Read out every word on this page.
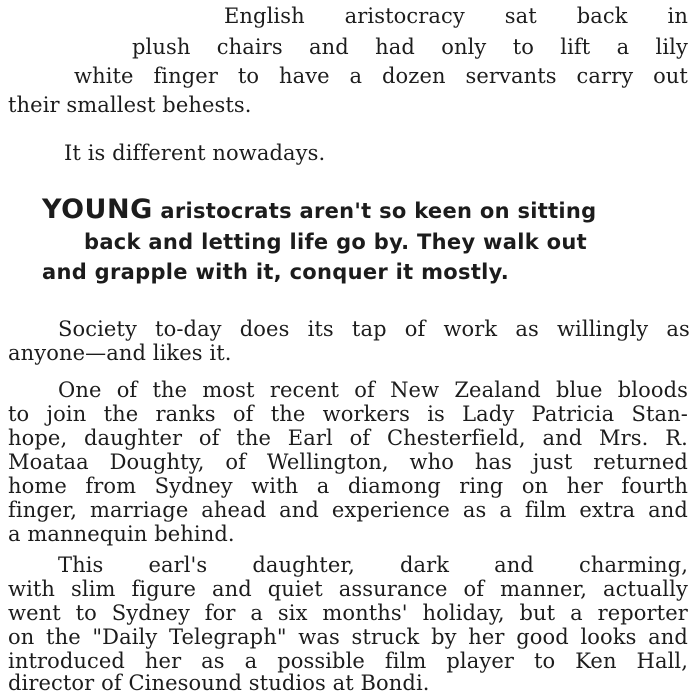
English aristocracy sat back in
plush chairs and had only to lift a lily
white finger to have a dozen servants carry out
their smallest behests.
It is different nowadays.
YOUNG aristocrats aren't so keen on sitting
back and letting life go by. They walk out
and grapple with it, conquer it mostly.
Society to-day does its tap of work as willingly as
anyone—and likes it.
One of the most recent of New Zealand blue bloods
to join the ranks of the workers is Lady Patricia Stan-
hope, daughter of the Earl of Chesterfield, and Mrs. R.
Moataa Doughty, of Wellington, who has just returned
home from Sydney with a diamong ring on her fourth
finger, marriage ahead and experience as a film extra and
a mannequin behind.
This earl's daughter, dark and charming,
with slim figure and quiet assurance of manner, actually
went to Sydney for a six months' holiday, but a reporter
on the "Daily Telegraph" was struck by her good looks and
introduced her as a possible film player to Ken Hall,
director of Cinesound studios at Bondi.
